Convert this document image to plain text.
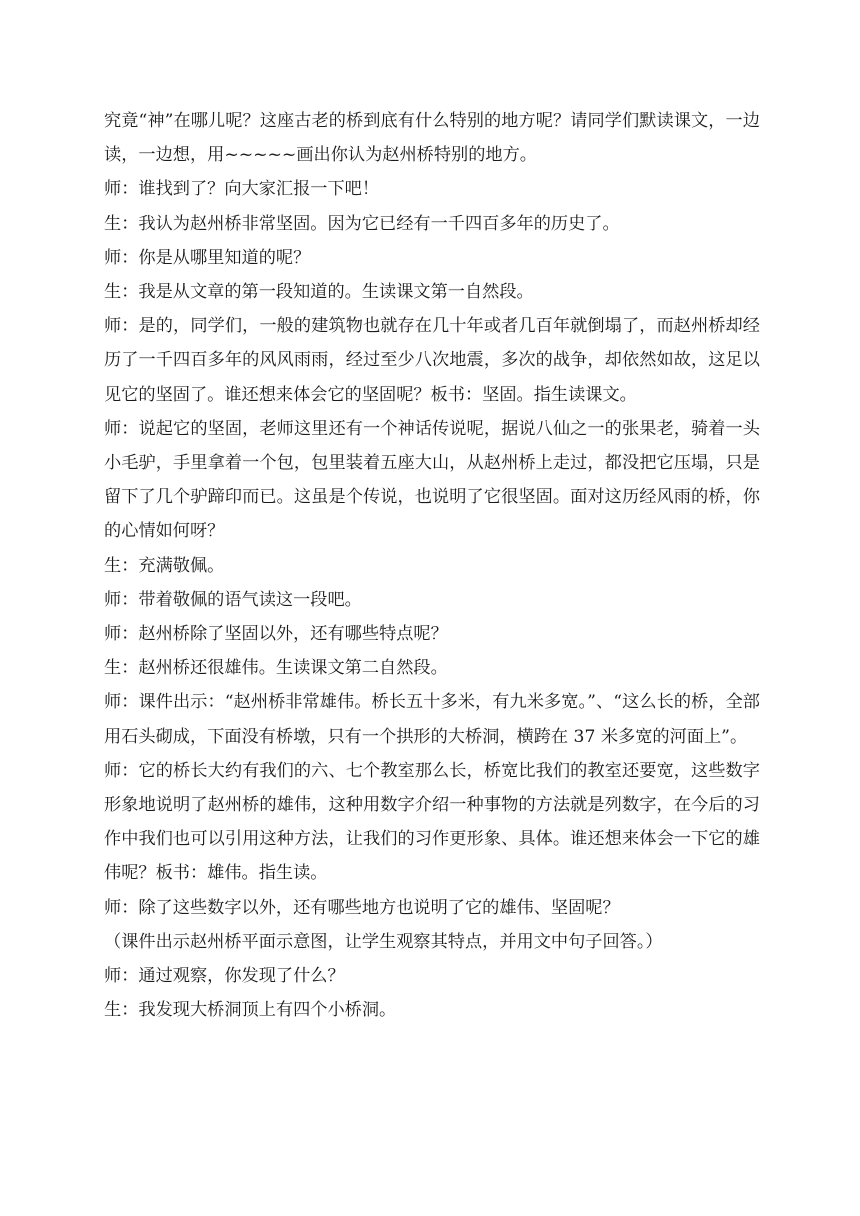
究竟“神”在哪儿呢？这座古老的桥到底有什么特别的地方呢？请同学们默读课文，一边读，一边想，用~~~~~画出你认为赵州桥特别的地方。

师：谁找到了？向大家汇报一下吧！

生：我认为赵州桥非常坚固。因为它已经有一千四百多年的历史了。

师：你是从哪里知道的呢？

生：我是从文章的第一段知道的。生读课文第一自然段。

师：是的，同学们，一般的建筑物也就存在几十年或者几百年就倒塌了，而赵州桥却经历了一千四百多年的风风雨雨，经过至少八次地震，多次的战争，却依然如故，这足以见它的坚固了。谁还想来体会它的坚固呢？板书：坚固。指生读课文。

师：说起它的坚固，老师这里还有一个神话传说呢，据说八仙之一的张果老，骑着一头小毛驴，手里拿着一个包，包里装着五座大山，从赵州桥上走过，都没把它压塌，只是留下了几个驴蹄印而已。这虽是个传说，也说明了它很坚固。面对这历经风雨的桥，你的心情如何呀？

生：充满敬佩。

师：带着敬佩的语气读这一段吧。

师：赵州桥除了坚固以外，还有哪些特点呢？

生：赵州桥还很雄伟。生读课文第二自然段。

师：课件出示：“赵州桥非常雄伟。桥长五十多米，有九米多宽。”、“这么长的桥，全部用石头砌成，下面没有桥墩，只有一个拱形的大桥洞，横跨在 37 米多宽的河面上”。

师：它的桥长大约有我们的六、七个教室那么长，桥宽比我们的教室还要宽，这些数字形象地说明了赵州桥的雄伟，这种用数字介绍一种事物的方法就是列数字，在今后的习作中我们也可以引用这种方法，让我们的习作更形象、具体。谁还想来体会一下它的雄伟呢？板书：雄伟。指生读。

师：除了这些数字以外，还有哪些地方也说明了它的雄伟、坚固呢？

（课件出示赵州桥平面示意图，让学生观察其特点，并用文中句子回答。）

师：通过观察，你发现了什么？

生：我发现大桥洞顶上有四个小桥洞。
